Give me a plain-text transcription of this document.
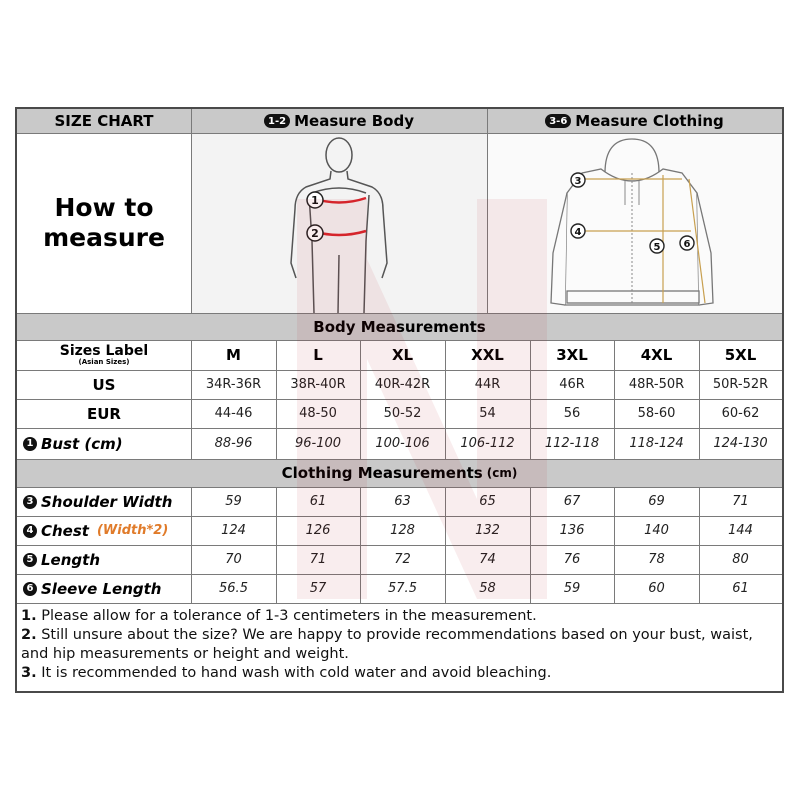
SIZE CHART	1-2 Measure Body	3-6 Measure Clothing
How to
measure
1
2
3
4
5 6
Body Measurements
Sizes Label
(Asian Sizes)	M	L	XL	XXL	3XL	4XL	5XL
US	34R-36R	38R-40R	40R-42R	44R	46R	48R-50R	50R-52R
EUR	44-46	48-50	50-52	54	56	58-60	60-62
1 Bust (cm)	88-96	96-100	100-106	106-112	112-118	118-124	124-130
Clothing Measurements (cm)
3 Shoulder Width	59	61	63	65	67	69	71
4 Chest (Width*2)	124	126	128	132	136	140	144
5 Length	70	71	72	74	76	78	80
6 Sleeve Length	56.5	57	57.5	58	59	60	61
1. Please allow for a tolerance of 1-3 centimeters in the measurement.
2. Still unsure about the size? We are happy to provide recommendations based on your bust, waist, and hip measurements or height and weight.
3. It is recommended to hand wash with cold water and avoid bleaching.
